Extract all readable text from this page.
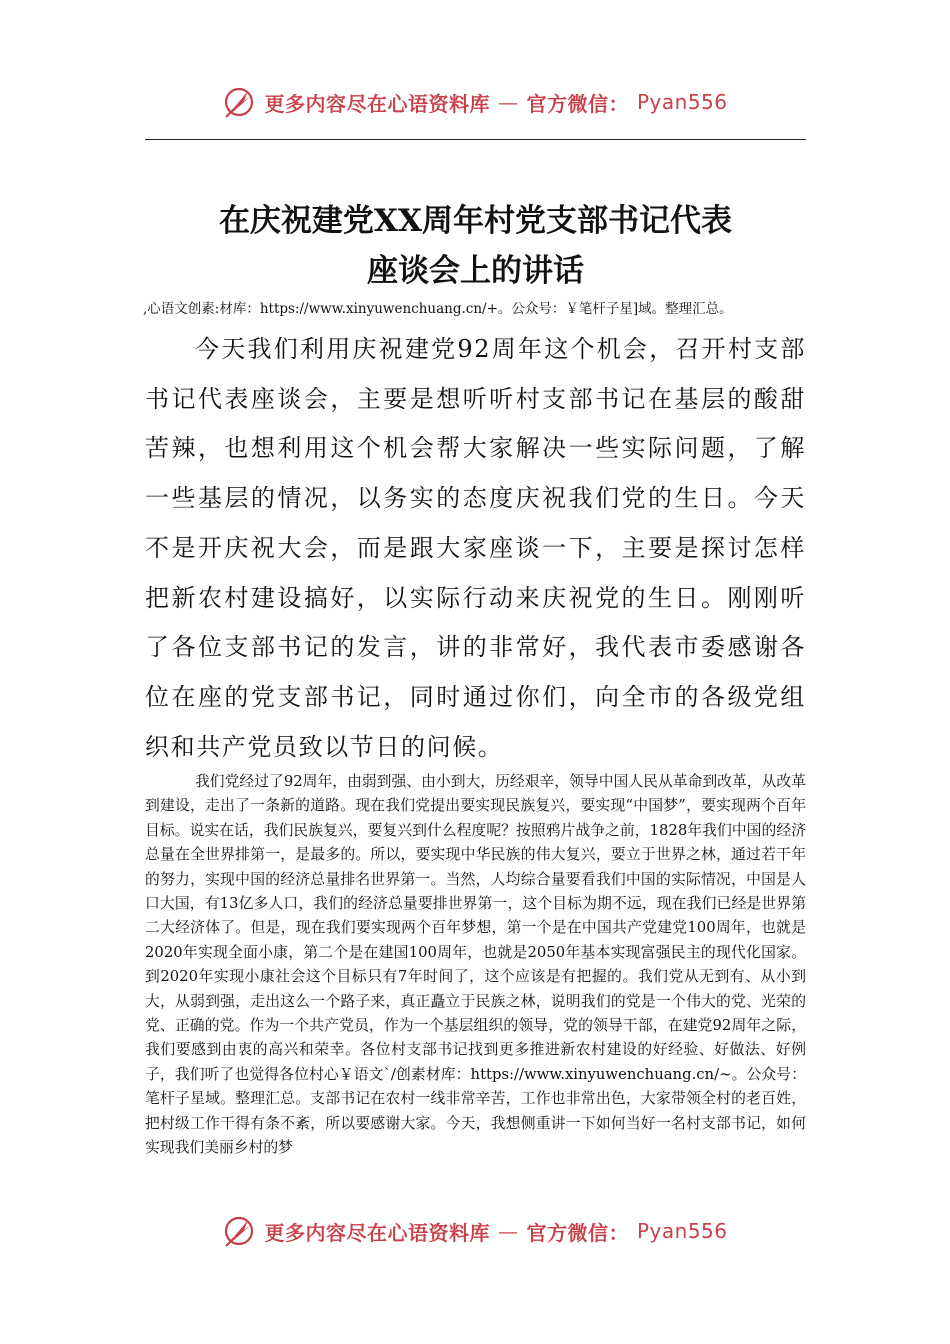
更多内容尽在心语资料库 — 官方微信： Pyan556
在庆祝建党XX周年村党支部书记代表
座谈会上的讲话
,心语文创素:材库：https://www.xinyuwenchuang.cn/+。公众号：￥笔杆子星]域。整理汇总。

今天我们利用庆祝建党92周年这个机会，召开村支部书记代表座谈会，主要是想听听村支部书记在基层的酸甜苦辣，也想利用这个机会帮大家解决一些实际问题，了解一些基层的情况，以务实的态度庆祝我们党的生日。今天不是开庆祝大会，而是跟大家座谈一下，主要是探讨怎样把新农村建设搞好，以实际行动来庆祝党的生日。刚刚听了各位支部书记的发言，讲的非常好，我代表市委感谢各位在座的党支部书记，同时通过你们，向全市的各级党组织和共产党员致以节日的问候。

我们党经过了92周年，由弱到强、由小到大，历经艰辛，领导中国人民从革命到改革，从改革到建设，走出了一条新的道路。现在我们党提出要实现民族复兴，要实现“中国梦”，要实现两个百年目标。说实在话，我们民族复兴，要复兴到什么程度呢？按照鸦片战争之前，1828年我们中国的经济总量在全世界排第一，是最多的。所以，要实现中华民族的伟大复兴，要立于世界之林，通过若干年的努力，实现中国的经济总量排名世界第一。当然，人均综合量要看我们中国的实际情况，中国是人口大国，有13亿多人口，我们的经济总量要排世界第一，这个目标为期不远，现在我们已经是世界第二大经济体了。但是，现在我们要实现两个百年梦想，第一个是在中国共产党建党100周年，也就是2020年实现全面小康，第二个是在建国100周年，也就是2050年基本实现富强民主的现代化国家。到2020年实现小康社会这个目标只有7年时间了，这个应该是有把握的。我们党从无到有、从小到大，从弱到强，走出这么一个路子来，真正矗立于民族之林，说明我们的党是一个伟大的党、光荣的党、正确的党。作为一个共产党员，作为一个基层组织的领导，党的领导干部，在建党92周年之际，我们要感到由衷的高兴和荣幸。各位村支部书记找到更多推进新农村建设的好经验、好做法、好例子，我们听了也觉得各位村心￥语文`/创素材库：https://www.xinyuwenchuang.cn/~。公众号：笔杆子星域。整理汇总。支部书记在农村一线非常辛苦，工作也非常出色，大家带领全村的老百姓，把村级工作干得有条不紊，所以要感谢大家。今天，我想侧重讲一下如何当好一名村支部书记，如何实现我们美丽乡村的梦

更多内容尽在心语资料库 — 官方微信： Pyan556
